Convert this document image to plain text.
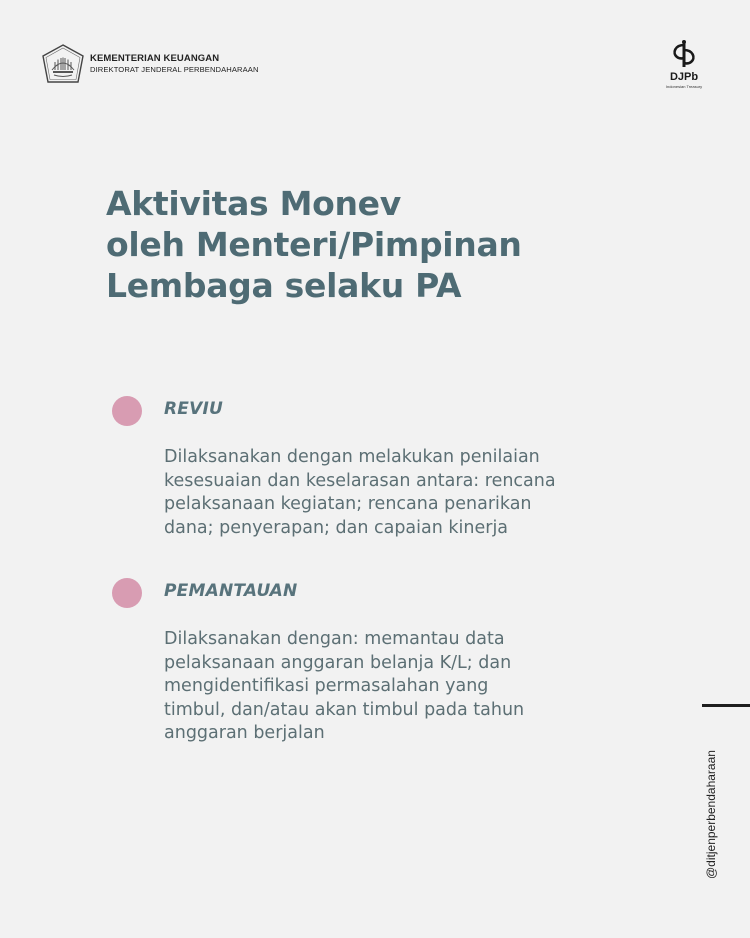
KEMENTERIAN KEUANGAN
DIREKTORAT JENDERAL PERBENDAHARAAN
DJPb
Indonesian Treasury
Aktivitas Monev
oleh Menteri/Pimpinan
Lembaga selaku PA
REVIU
Dilaksanakan dengan melakukan penilaian
kesesuaian dan keselarasan antara: rencana
pelaksanaan kegiatan; rencana penarikan
dana; penyerapan; dan capaian kinerja
PEMANTAUAN
Dilaksanakan dengan: memantau data
pelaksanaan anggaran belanja K/L; dan
mengidentifikasi permasalahan yang
timbul, dan/atau akan timbul pada tahun
anggaran berjalan
@ditjenperbendaharaan
